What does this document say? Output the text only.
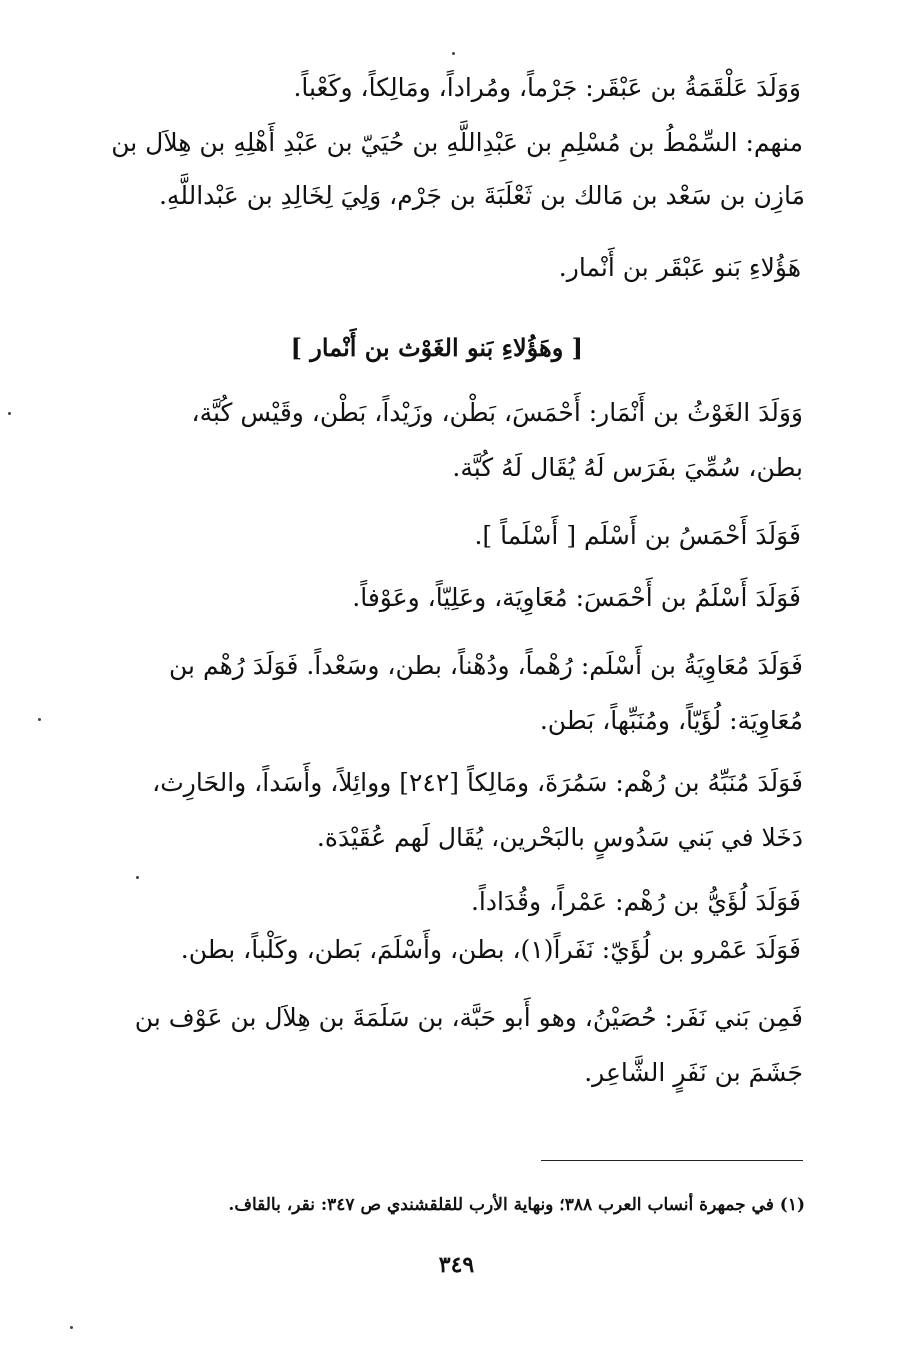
وَوَلَدَ عَلْقَمَةُ بن عَبْقَر: جَرْماً، ومُراداً، ومَالِكاً، وكَعْباً.
منهم: السِّمْطُ بن مُسْلِمِ بن عَبْدِاللَّهِ بن حُيَيّ بن عَبْدِ أَهْلِهِ بن هِلاَل بن
مَازِن بن سَعْد بن مَالك بن ثَعْلَبَةَ بن جَرْم، وَلِيَ لِخَالِدِ بن عَبْداللَّهِ.
هَؤُلاءِ بَنو عَبْقَر بن أَنْمار.
[ وهَؤُلاءِ بَنو الغَوْث بن أَنْمار ]
وَوَلَدَ الغَوْثُ بن أَنْمَار: أَحْمَسَ، بَطْن، وزَيْداً، بَطْن، وقَيْس كُبَّة،
بطن، سُمِّيَ بفَرَس لَهُ يُقَال لَهُ كُبَّة.
فَوَلَدَ أَحْمَسُ بن أَسْلَم [ أَسْلَماً ].
فَوَلَدَ أَسْلَمُ بن أَحْمَسَ: مُعَاوِيَة، وعَلِيّاً، وعَوْفاً.
فَوَلَدَ مُعَاوِيَةُ بن أَسْلَم: رُهْماً، ودُهْناً، بطن، وسَعْداً. فَوَلَدَ رُهْم بن
مُعَاوِيَة: لُؤَيّاً، ومُنَبِّهاً، بَطن.
فَوَلَدَ مُنَبِّهُ بن رُهْم: سَمُرَةَ، ومَالِكاً [٢٤٢] ووائِلاً، وأَسَداً، والحَارِث،
دَخَلا في بَني سَدُوسٍ بالبَحْرين، يُقَال لَهم عُقَيْدَة.
فَوَلَدَ لُؤَيُّ بن رُهْم: عَمْراً، وقُدَاداً.
فَوَلَدَ عَمْرو بن لُؤَيّ: نَفَراً(١)، بطن، وأَسْلَمَ، بَطن، وكَلْباً، بطن.
فَمِن بَني نَفَر: حُصَيْنُ، وهو أَبو حَبَّة، بن سَلَمَةَ بن هِلاَل بن عَوْف بن
جَشَمَ بن نَفَرٍ الشَّاعِر.
(١) في جمهرة أنساب العرب ٣٨٨؛ ونهاية الأرب للقلقشندي ص ٣٤٧: نقر، بالقاف.
٣٤٩
